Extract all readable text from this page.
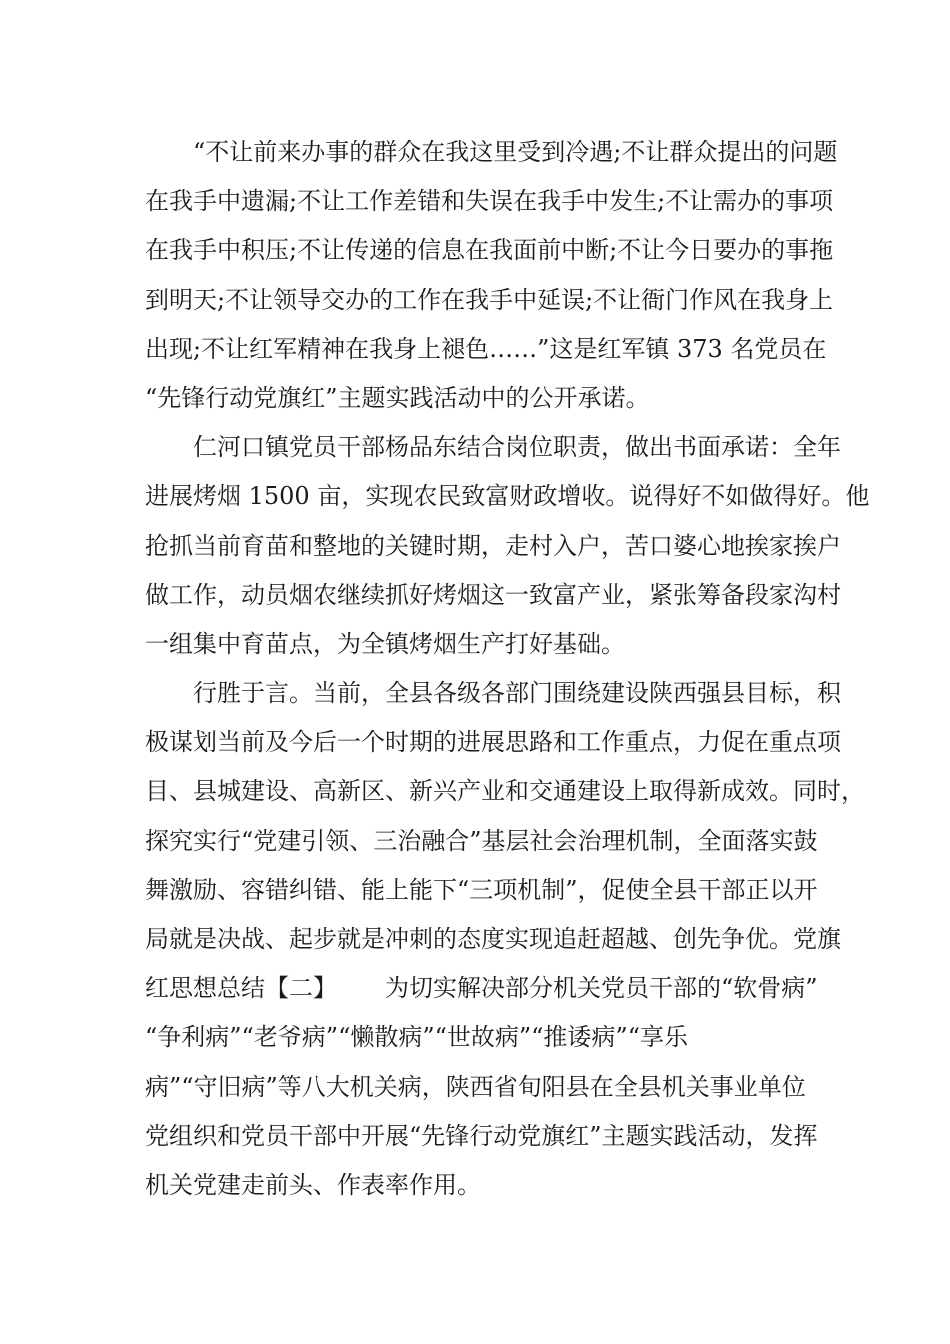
“不让前来办事的群众在我这里受到冷遇;不让群众提出的问题
在我手中遗漏;不让工作差错和失误在我手中发生;不让需办的事项
在我手中积压;不让传递的信息在我面前中断;不让今日要办的事拖
到明天;不让领导交办的工作在我手中延误;不让衙门作风在我身上
出现;不让红军精神在我身上褪色……”这是红军镇 373 名党员在
“先锋行动党旗红”主题实践活动中的公开承诺。
仁河口镇党员干部杨品东结合岗位职责，做出书面承诺：全年
进展烤烟 1500 亩，实现农民致富财政增收。说得好不如做得好。他
抢抓当前育苗和整地的关键时期，走村入户，苦口婆心地挨家挨户
做工作，动员烟农继续抓好烤烟这一致富产业，紧张筹备段家沟村
一组集中育苗点，为全镇烤烟生产打好基础。
行胜于言。当前，全县各级各部门围绕建设陕西强县目标，积
极谋划当前及今后一个时期的进展思路和工作重点，力促在重点项
目、县城建设、高新区、新兴产业和交通建设上取得新成效。同时，
探究实行“党建引领、三治融合”基层社会治理机制，全面落实鼓
舞激励、容错纠错、能上能下“三项机制”，促使全县干部正以开
局就是决战、起步就是冲刺的态度实现追赶超越、创先争优。党旗
红思想总结【二】 为切实解决部分机关党员干部的“软骨病”
“争利病”“老爷病”“懒散病”“世故病”“推诿病”“享乐
病”“守旧病”等八大机关病，陕西省旬阳县在全县机关事业单位
党组织和党员干部中开展“先锋行动党旗红”主题实践活动，发挥
机关党建走前头、作表率作用。
